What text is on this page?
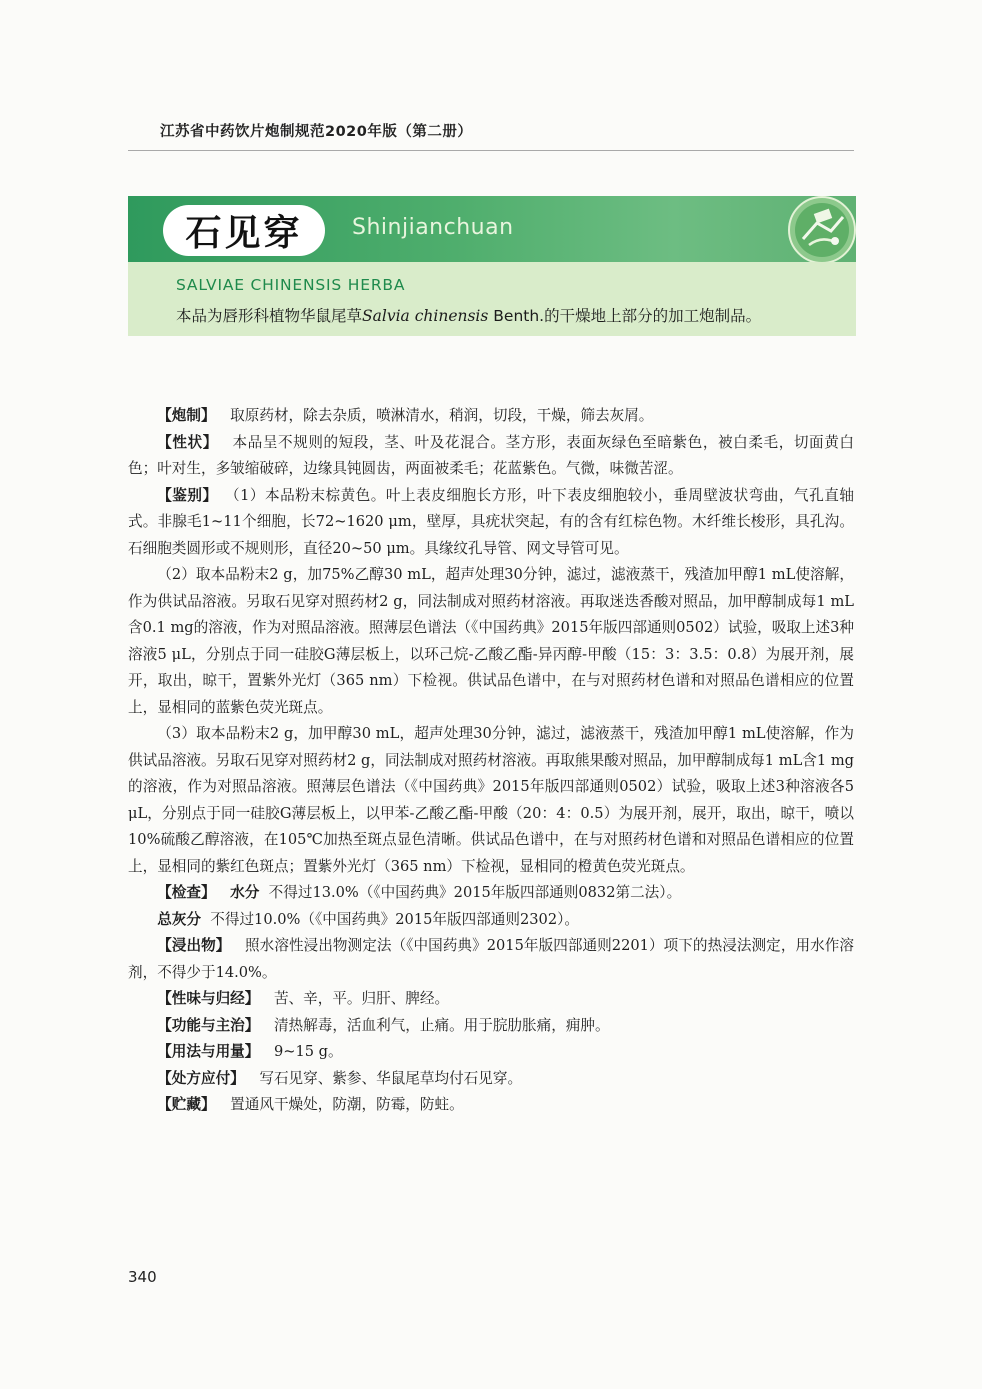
江苏省中药饮片炮制规范2020年版（第二册）
石见穿	Shinjianchuan
SALVIAE CHINENSIS HERBA
本品为唇形科植物华鼠尾草Salvia chinensis Benth.的干燥地上部分的加工炮制品。

【炮制】 取原药材，除去杂质，喷淋清水，稍润，切段，干燥，筛去灰屑。

【性状】 本品呈不规则的短段，茎、叶及花混合。茎方形，表面灰绿色至暗紫色，被白柔毛，切面黄白色；叶对生，多皱缩破碎，边缘具钝圆齿，两面被柔毛；花蓝紫色。气微，味微苦涩。

【鉴别】 （1）本品粉末棕黄色。叶上表皮细胞长方形，叶下表皮细胞较小，垂周壁波状弯曲，气孔直轴式。非腺毛1~11个细胞，长72~1620 μm，壁厚，具疣状突起，有的含有红棕色物。木纤维长梭形，具孔沟。石细胞类圆形或不规则形，直径20~50 μm。具缘纹孔导管、网文导管可见。

（2）取本品粉末2 g，加75%乙醇30 mL，超声处理30分钟，滤过，滤液蒸干，残渣加甲醇1 mL使溶解，作为供试品溶液。另取石见穿对照药材2 g，同法制成对照药材溶液。再取迷迭香酸对照品，加甲醇制成每1 mL含0.1 mg的溶液，作为对照品溶液。照薄层色谱法（《中国药典》2015年版四部通则0502）试验，吸取上述3种溶液5 μL，分别点于同一硅胶G薄层板上，以环己烷-乙酸乙酯-异丙醇-甲酸（15：3：3.5：0.8）为展开剂，展开，取出，晾干，置紫外光灯（365 nm）下检视。供试品色谱中，在与对照药材色谱和对照品色谱相应的位置上，显相同的蓝紫色荧光斑点。

（3）取本品粉末2 g，加甲醇30 mL，超声处理30分钟，滤过，滤液蒸干，残渣加甲醇1 mL使溶解，作为供试品溶液。另取石见穿对照药材2 g，同法制成对照药材溶液。再取熊果酸对照品，加甲醇制成每1 mL含1 mg的溶液，作为对照品溶液。照薄层色谱法（《中国药典》2015年版四部通则0502）试验，吸取上述3种溶液各5 μL，分别点于同一硅胶G薄层板上，以甲苯-乙酸乙酯-甲酸（20：4：0.5）为展开剂，展开，取出，晾干，喷以10%硫酸乙醇溶液，在105℃加热至斑点显色清晰。供试品色谱中，在与对照药材色谱和对照品色谱相应的位置上，显相同的紫红色斑点；置紫外光灯（365 nm）下检视，显相同的橙黄色荧光斑点。

【检查】 水分 不得过13.0%（《中国药典》2015年版四部通则0832第二法）。

总灰分 不得过10.0%（《中国药典》2015年版四部通则2302）。

【浸出物】 照水溶性浸出物测定法（《中国药典》2015年版四部通则2201）项下的热浸法测定，用水作溶剂，不得少于14.0%。

【性味与归经】 苦、辛，平。归肝、脾经。

【功能与主治】 清热解毒，活血利气，止痛。用于脘肋胀痛，痈肿。

【用法与用量】 9~15 g。

【处方应付】 写石见穿、紫参、华鼠尾草均付石见穿。

【贮藏】 置通风干燥处，防潮，防霉，防蛀。

340
